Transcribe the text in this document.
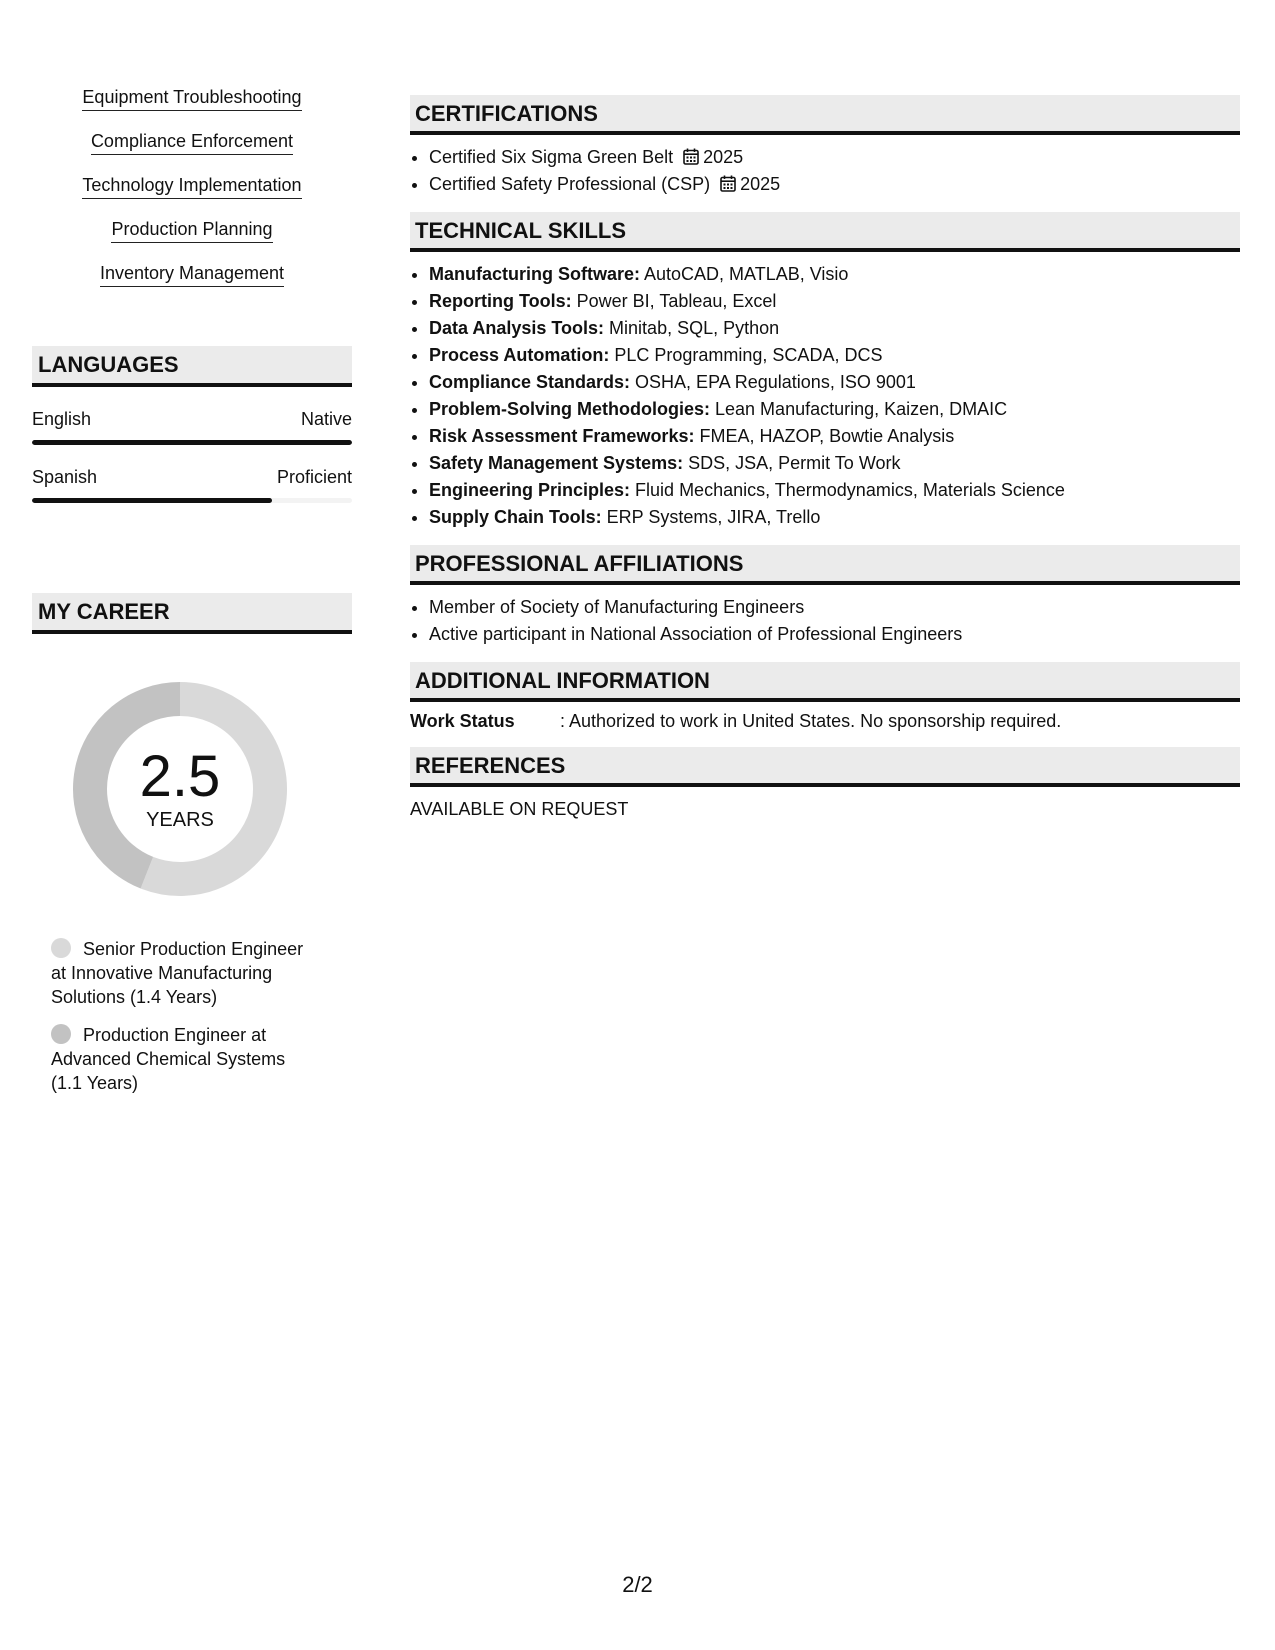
Equipment Troubleshooting
Compliance Enforcement
Technology Implementation
Production Planning
Inventory Management
LANGUAGES
English	Native
Spanish	Proficient
MY CAREER
2.5
YEARS
Senior Production Engineer at Innovative Manufacturing Solutions (1.4 Years)
Production Engineer at Advanced Chemical Systems (1.1 Years)
CERTIFICATIONS
• Certified Six Sigma Green Belt 2025
• Certified Safety Professional (CSP) 2025
TECHNICAL SKILLS
• Manufacturing Software: AutoCAD, MATLAB, Visio
• Reporting Tools: Power BI, Tableau, Excel
• Data Analysis Tools: Minitab, SQL, Python
• Process Automation: PLC Programming, SCADA, DCS
• Compliance Standards: OSHA, EPA Regulations, ISO 9001
• Problem-Solving Methodologies: Lean Manufacturing, Kaizen, DMAIC
• Risk Assessment Frameworks: FMEA, HAZOP, Bowtie Analysis
• Safety Management Systems: SDS, JSA, Permit To Work
• Engineering Principles: Fluid Mechanics, Thermodynamics, Materials Science
• Supply Chain Tools: ERP Systems, JIRA, Trello
PROFESSIONAL AFFILIATIONS
• Member of Society of Manufacturing Engineers
• Active participant in National Association of Professional Engineers
ADDITIONAL INFORMATION
Work Status	: Authorized to work in United States. No sponsorship required.
REFERENCES
AVAILABLE ON REQUEST
2/2
